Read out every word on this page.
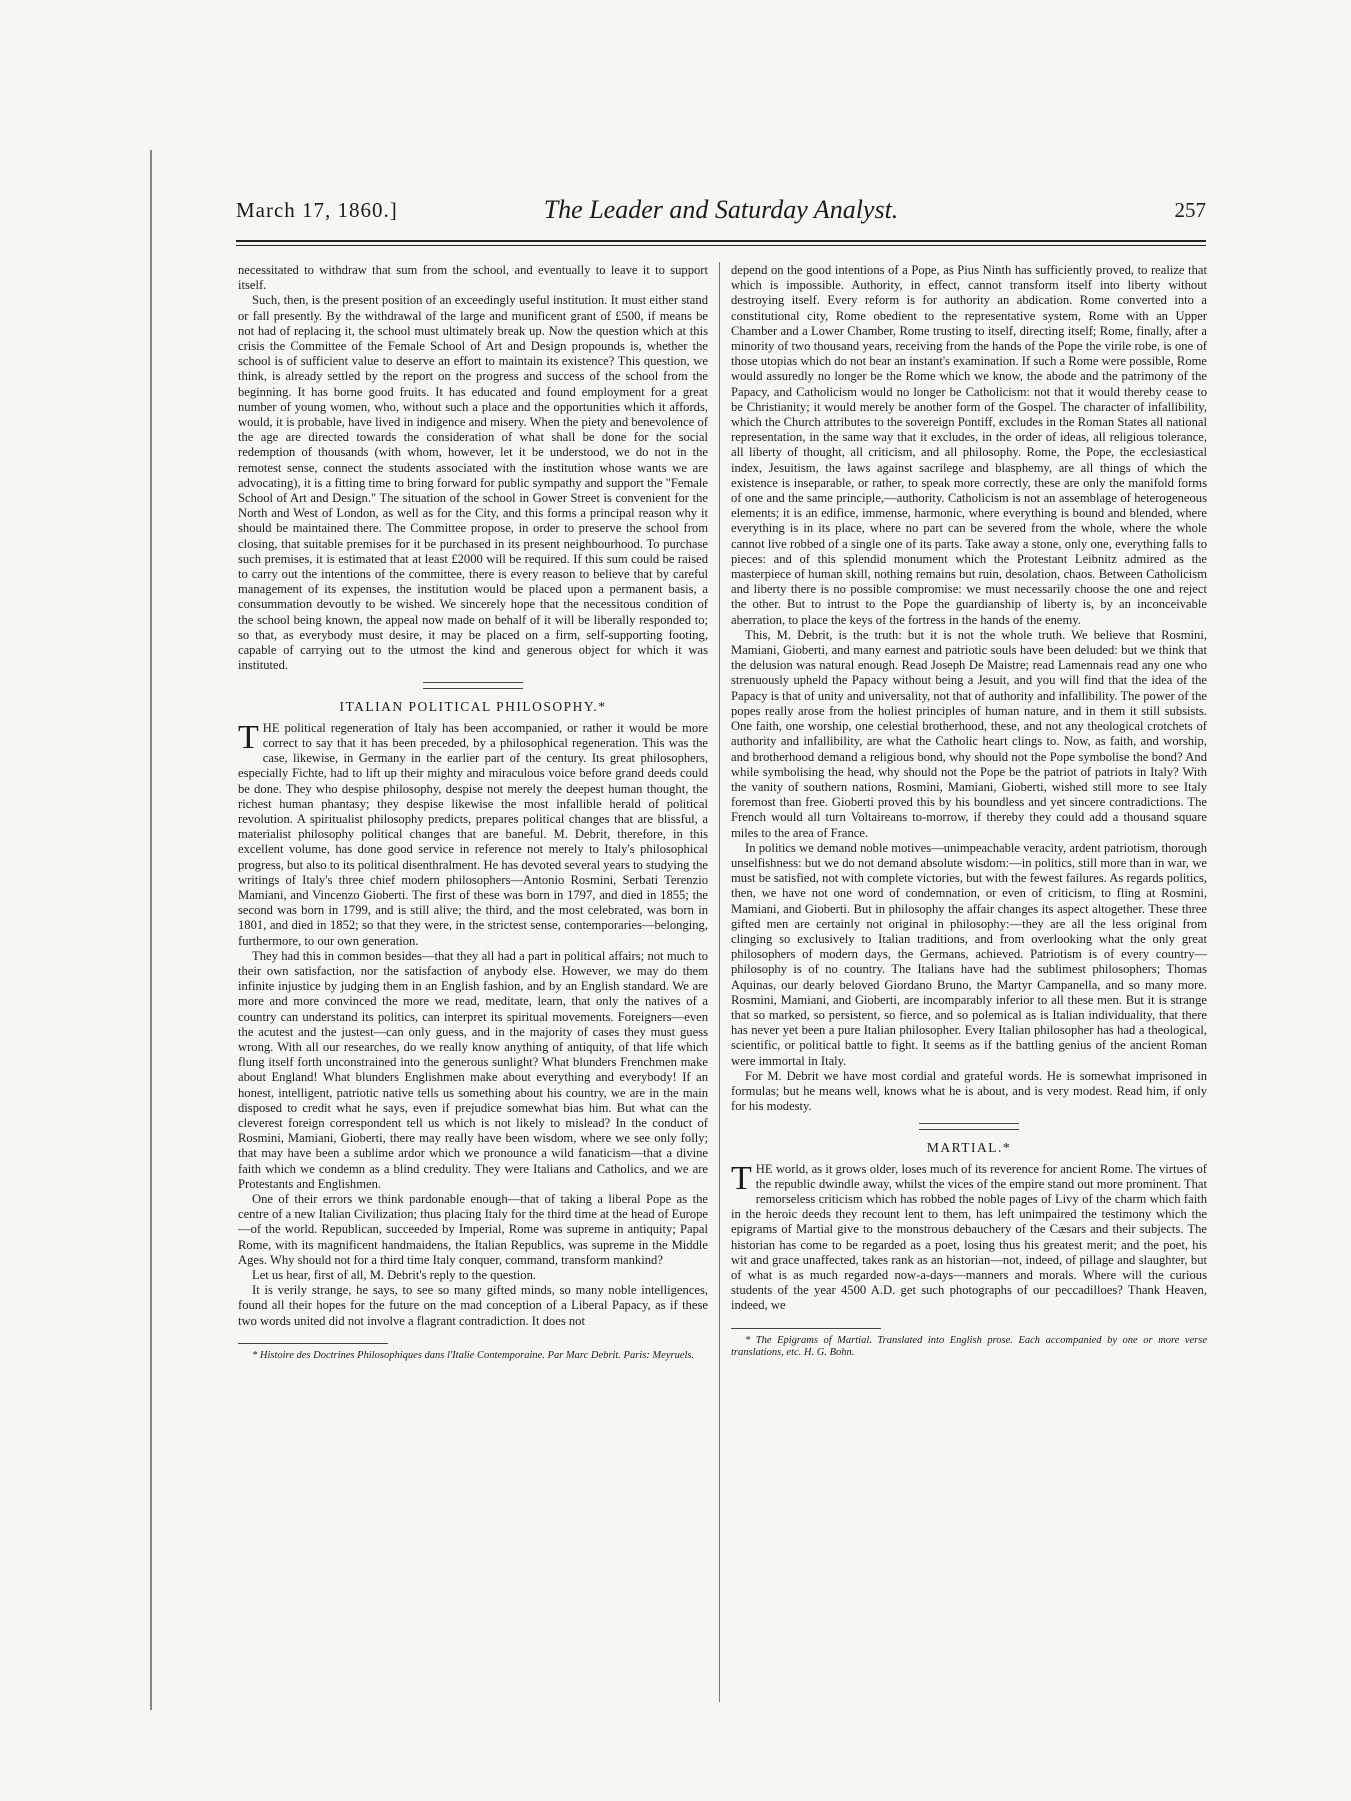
March 17, 1860.]	The Leader and Saturday Analyst.	257

necessitated to withdraw that sum from the school, and eventually to leave it to support itself.

Such, then, is the present position of an exceedingly useful institution. It must either stand or fall presently. By the withdrawal of the large and munificent grant of £500, if means be not had of replacing it, the school must ultimately break up. Now the question which at this crisis the Committee of the Female School of Art and Design propounds is, whether the school is of sufficient value to deserve an effort to maintain its existence? This question, we think, is already settled by the report on the progress and success of the school from the beginning. It has borne good fruits. It has educated and found employment for a great number of young women, who, without such a place and the opportunities which it affords, would, it is probable, have lived in indigence and misery. When the piety and benevolence of the age are directed towards the consideration of what shall be done for the social redemption of thousands (with whom, however, let it be understood, we do not in the remotest sense, connect the students associated with the institution whose wants we are advocating), it is a fitting time to bring forward for public sympathy and support the "Female School of Art and Design." The situation of the school in Gower Street is convenient for the North and West of London, as well as for the City, and this forms a principal reason why it should be maintained there. The Committee propose, in order to preserve the school from closing, that suitable premises for it be purchased in its present neighbourhood. To purchase such premises, it is estimated that at least £2000 will be required. If this sum could be raised to carry out the intentions of the committee, there is every reason to believe that by careful management of its expenses, the institution would be placed upon a permanent basis, a consummation devoutly to be wished. We sincerely hope that the necessitous condition of the school being known, the appeal now made on behalf of it will be liberally responded to; so that, as everybody must desire, it may be placed on a firm, self-supporting footing, capable of carrying out to the utmost the kind and generous object for which it was instituted.

ITALIAN POLITICAL PHILOSOPHY.*

THE political regeneration of Italy has been accompanied, or rather it would be more correct to say that it has been preceded, by a philosophical regeneration. This was the case, likewise, in Germany in the earlier part of the century. Its great philosophers, especially Fichte, had to lift up their mighty and miraculous voice before grand deeds could be done. They who despise philosophy, despise not merely the deepest human thought, the richest human phantasy; they despise likewise the most infallible herald of political revolution. A spiritualist philosophy predicts, prepares political changes that are blissful, a materialist philosophy political changes that are baneful. M. Debrit, therefore, in this excellent volume, has done good service in reference not merely to Italy's philosophical progress, but also to its political disenthralment. He has devoted several years to studying the writings of Italy's three chief modern philosophers—Antonio Rosmini, Serbati Terenzio Mamiani, and Vincenzo Gioberti. The first of these was born in 1797, and died in 1855; the second was born in 1799, and is still alive; the third, and the most celebrated, was born in 1801, and died in 1852; so that they were, in the strictest sense, contemporaries—belonging, furthermore, to our own generation.

They had this in common besides—that they all had a part in political affairs; not much to their own satisfaction, nor the satisfaction of anybody else. However, we may do them infinite injustice by judging them in an English fashion, and by an English standard. We are more and more convinced the more we read, meditate, learn, that only the natives of a country can understand its politics, can interpret its spiritual movements. Foreigners—even the acutest and the justest—can only guess, and in the majority of cases they must guess wrong. With all our researches, do we really know anything of antiquity, of that life which flung itself forth unconstrained into the generous sunlight? What blunders Frenchmen make about England! What blunders Englishmen make about everything and everybody! If an honest, intelligent, patriotic native tells us something about his country, we are in the main disposed to credit what he says, even if prejudice somewhat bias him. But what can the cleverest foreign correspondent tell us which is not likely to mislead? In the conduct of Rosmini, Mamiani, Gioberti, there may really have been wisdom, where we see only folly; that may have been a sublime ardor which we pronounce a wild fanaticism—that a divine faith which we condemn as a blind credulity. They were Italians and Catholics, and we are Protestants and Englishmen.

One of their errors we think pardonable enough—that of taking a liberal Pope as the centre of a new Italian Civilization; thus placing Italy for the third time at the head of Europe—of the world. Republican, succeeded by Imperial, Rome was supreme in antiquity; Papal Rome, with its magnificent handmaidens, the Italian Republics, was supreme in the Middle Ages. Why should not for a third time Italy conquer, command, transform mankind?

Let us hear, first of all, M. Debrit's reply to the question.

It is verily strange, he says, to see so many gifted minds, so many noble intelligences, found all their hopes for the future on the mad conception of a Liberal Papacy, as if these two words united did not involve a flagrant contradiction. It does not

* Histoire des Doctrines Philosophiques dans l'Italie Contemporaine. Par Marc Debrit. Paris: Meyruels.

depend on the good intentions of a Pope, as Pius Ninth has sufficiently proved, to realize that which is impossible. Authority, in effect, cannot transform itself into liberty without destroying itself. Every reform is for authority an abdication. Rome converted into a constitutional city, Rome obedient to the representative system, Rome with an Upper Chamber and a Lower Chamber, Rome trusting to itself, directing itself; Rome, finally, after a minority of two thousand years, receiving from the hands of the Pope the virile robe, is one of those utopias which do not bear an instant's examination. If such a Rome were possible, Rome would assuredly no longer be the Rome which we know, the abode and the patrimony of the Papacy, and Catholicism would no longer be Catholicism: not that it would thereby cease to be Christianity; it would merely be another form of the Gospel. The character of infallibility, which the Church attributes to the sovereign Pontiff, excludes in the Roman States all national representation, in the same way that it excludes, in the order of ideas, all religious tolerance, all liberty of thought, all criticism, and all philosophy. Rome, the Pope, the ecclesiastical index, Jesuitism, the laws against sacrilege and blasphemy, are all things of which the existence is inseparable, or rather, to speak more correctly, these are only the manifold forms of one and the same principle,—authority. Catholicism is not an assemblage of heterogeneous elements; it is an edifice, immense, harmonic, where everything is bound and blended, where everything is in its place, where no part can be severed from the whole, where the whole cannot live robbed of a single one of its parts. Take away a stone, only one, everything falls to pieces: and of this splendid monument which the Protestant Leibnitz admired as the masterpiece of human skill, nothing remains but ruin, desolation, chaos. Between Catholicism and liberty there is no possible compromise: we must necessarily choose the one and reject the other. But to intrust to the Pope the guardianship of liberty is, by an inconceivable aberration, to place the keys of the fortress in the hands of the enemy.

This, M. Debrit, is the truth: but it is not the whole truth. We believe that Rosmini, Mamiani, Gioberti, and many earnest and patriotic souls have been deluded: but we think that the delusion was natural enough. Read Joseph De Maistre; read Lamennais read any one who strenuously upheld the Papacy without being a Jesuit, and you will find that the idea of the Papacy is that of unity and universality, not that of authority and infallibility. The power of the popes really arose from the holiest principles of human nature, and in them it still subsists. One faith, one worship, one celestial brotherhood, these, and not any theological crotchets of authority and infallibility, are what the Catholic heart clings to. Now, as faith, and worship, and brotherhood demand a religious bond, why should not the Pope symbolise the bond? And while symbolising the head, why should not the Pope be the patriot of patriots in Italy? With the vanity of southern nations, Rosmini, Mamiani, Gioberti, wished still more to see Italy foremost than free. Gioberti proved this by his boundless and yet sincere contradictions. The French would all turn Voltaireans to-morrow, if thereby they could add a thousand square miles to the area of France.

In politics we demand noble motives—unimpeachable veracity, ardent patriotism, thorough unselfishness: but we do not demand absolute wisdom:—in politics, still more than in war, we must be satisfied, not with complete victories, but with the fewest failures. As regards politics, then, we have not one word of condemnation, or even of criticism, to fling at Rosmini, Mamiani, and Gioberti. But in philosophy the affair changes its aspect altogether. These three gifted men are certainly not original in philosophy:—they are all the less original from clinging so exclusively to Italian traditions, and from overlooking what the only great philosophers of modern days, the Germans, achieved. Patriotism is of every country—philosophy is of no country. The Italians have had the sublimest philosophers; Thomas Aquinas, our dearly beloved Giordano Bruno, the Martyr Campanella, and so many more. Rosmini, Mamiani, and Gioberti, are incomparably inferior to all these men. But it is strange that so marked, so persistent, so fierce, and so polemical as is Italian individuality, that there has never yet been a pure Italian philosopher. Every Italian philosopher has had a theological, scientific, or political battle to fight. It seems as if the battling genius of the ancient Roman were immortal in Italy.

For M. Debrit we have most cordial and grateful words. He is somewhat imprisoned in formulas; but he means well, knows what he is about, and is very modest. Read him, if only for his modesty.

MARTIAL.*

THE world, as it grows older, loses much of its reverence for ancient Rome. The virtues of the republic dwindle away, whilst the vices of the empire stand out more prominent. That remorseless criticism which has robbed the noble pages of Livy of the charm which faith in the heroic deeds they recount lent to them, has left unimpaired the testimony which the epigrams of Martial give to the monstrous debauchery of the Cæsars and their subjects. The historian has come to be regarded as a poet, losing thus his greatest merit; and the poet, his wit and grace unaffected, takes rank as an historian—not, indeed, of pillage and slaughter, but of what is as much regarded now-a-days—manners and morals. Where will the curious students of the year 4500 A.D. get such photographs of our peccadilloes? Thank Heaven, indeed, we

* The Epigrams of Martial. Translated into English prose. Each accompanied by one or more verse translations, etc. H. G. Bohn.
